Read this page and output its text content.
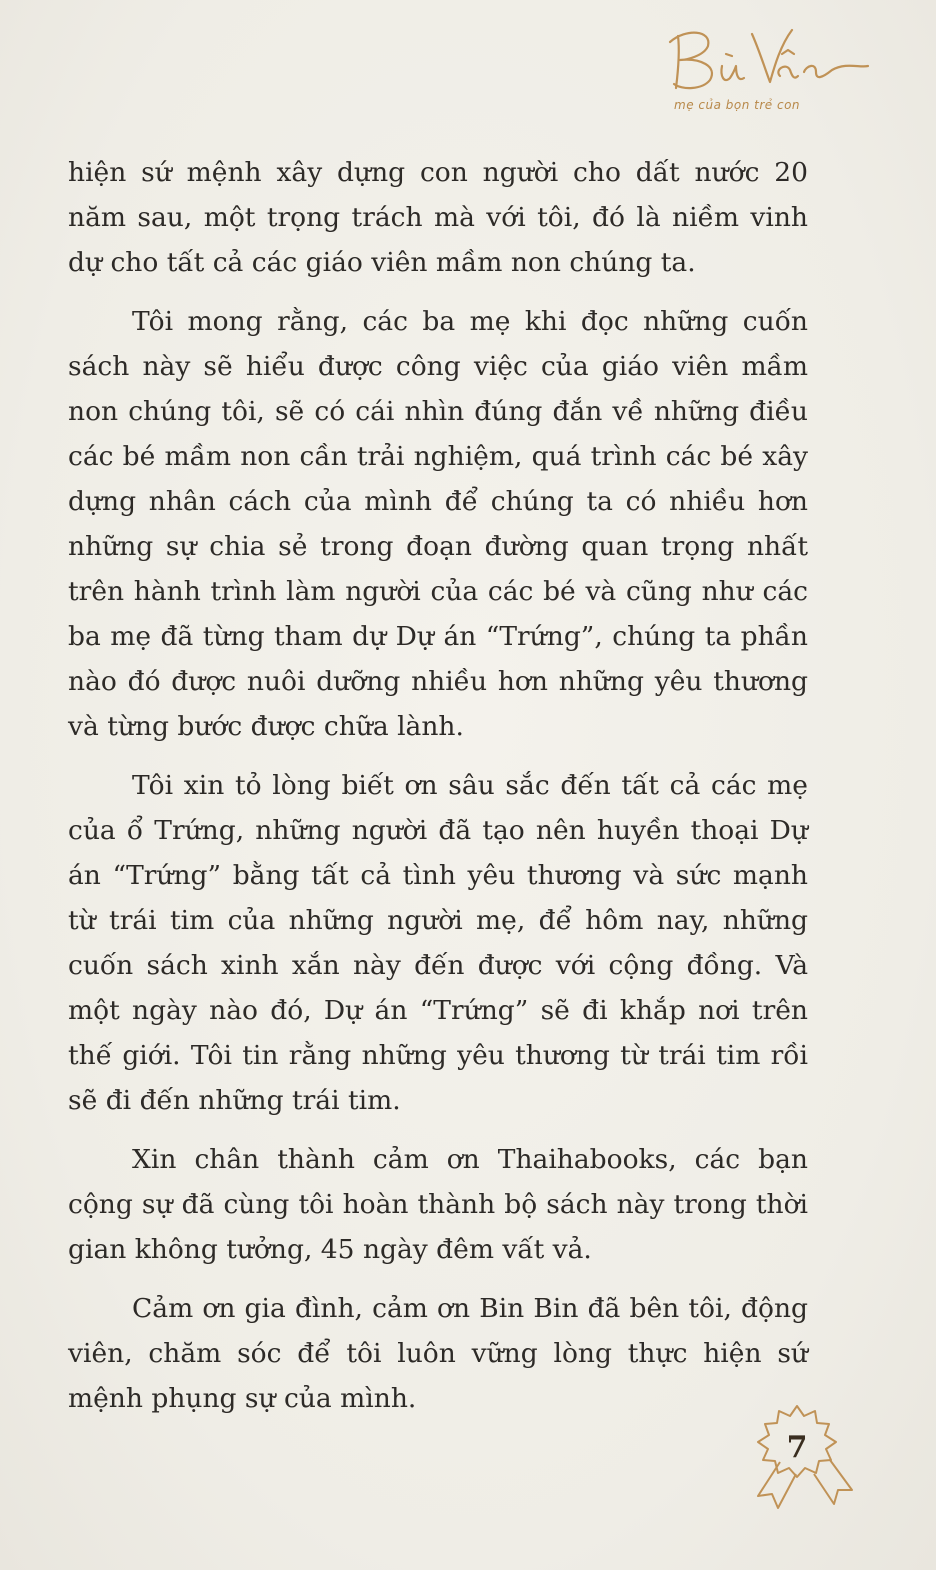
mẹ của bọn trẻ con

hiện sứ mệnh xây dựng con người cho dất nước 20 năm sau, một trọng trách mà với tôi, đó là niềm vinh dự cho tất cả các giáo viên mầm non chúng ta.

Tôi mong rằng, các ba mẹ khi đọc những cuốn sách này sẽ hiểu được công việc của giáo viên mầm non chúng tôi, sẽ có cái nhìn đúng đắn về những điều các bé mầm non cần trải nghiệm, quá trình các bé xây dựng nhân cách của mình để chúng ta có nhiều hơn những sự chia sẻ trong đoạn đường quan trọng nhất trên hành trình làm người của các bé và cũng như các ba mẹ đã từng tham dự Dự án “Trứng”, chúng ta phần nào đó được nuôi dưỡng nhiều hơn những yêu thương và từng bước được chữa lành.

Tôi xin tỏ lòng biết ơn sâu sắc đến tất cả các mẹ của ổ Trứng, những người đã tạo nên huyền thoại Dự án “Trứng” bằng tất cả tình yêu thương và sức mạnh từ trái tim của những người mẹ, để hôm nay, những cuốn sách xinh xắn này đến được với cộng đồng. Và một ngày nào đó, Dự án “Trứng” sẽ đi khắp nơi trên thế giới. Tôi tin rằng những yêu thương từ trái tim rồi sẽ đi đến những trái tim.

Xin chân thành cảm ơn Thaihabooks, các bạn cộng sự đã cùng tôi hoàn thành bộ sách này trong thời gian không tưởng, 45 ngày đêm vất vả.

Cảm ơn gia đình, cảm ơn Bin Bin đã bên tôi, động viên, chăm sóc để tôi luôn vững lòng thực hiện sứ mệnh phụng sự của mình.

7
